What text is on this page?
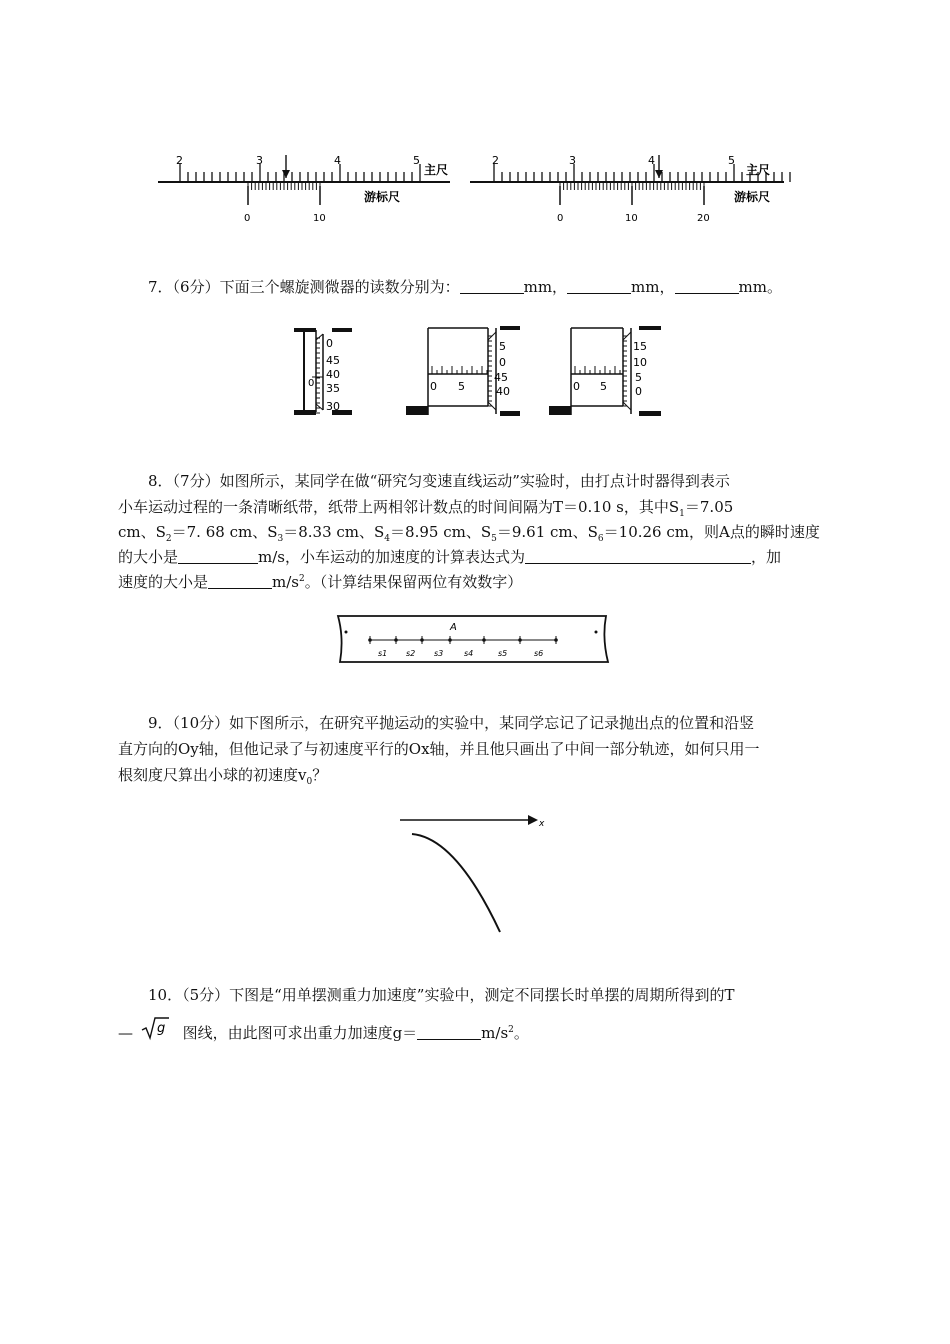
2	3	4	5
主尺
0	10
游标尺
2	3	4	5
主尺
0	10	20
游标尺
7．（6分）下面三个螺旋测微器的读数分别为：	mm，	mm，	mm。
0
45
40
35
30
0	0 5
5
0
45
40	0 5
15
10
5
0
8．（7分）如图所示，某同学在做“研究匀变速直线运动”实验时，由打点计时器得到表示
小车运动过程的一条清晰纸带，纸带上两相邻计数点的时间间隔为T＝0.10 s，其中$S_1=7.05$
cm、$S_2=7$. 68 cm、$S_3=8.33$ cm、$S_4=8.95$ cm、$S_5=9.61$ cm、$S_6=10.26$ cm，则A点的瞬时速度
的大小是	m/s，小车运动的加速度的计算表达式为	，加
速度的大小是	$m/s^2$。（计算结果保留两位有效数字）
A
s1 s2 s3	s4	s5	s6
9．（10分）如下图所示，在研究平抛运动的实验中，某同学忘记了记录抛出点的位置和沿竖
直方向的Oy轴，但他记录了与初速度平行的Ox轴，并且他只画出了中间一部分轨迹，如何只用一
根刻度尺算出小球的初速度$v_0$？
x
10．（5分）下图是“用单摆测重力加速度”实验中，测定不同摆长时单摆的周期所得到的T
— g 图线，由此图可求出重力加速度g＝	$m/s^2$。
